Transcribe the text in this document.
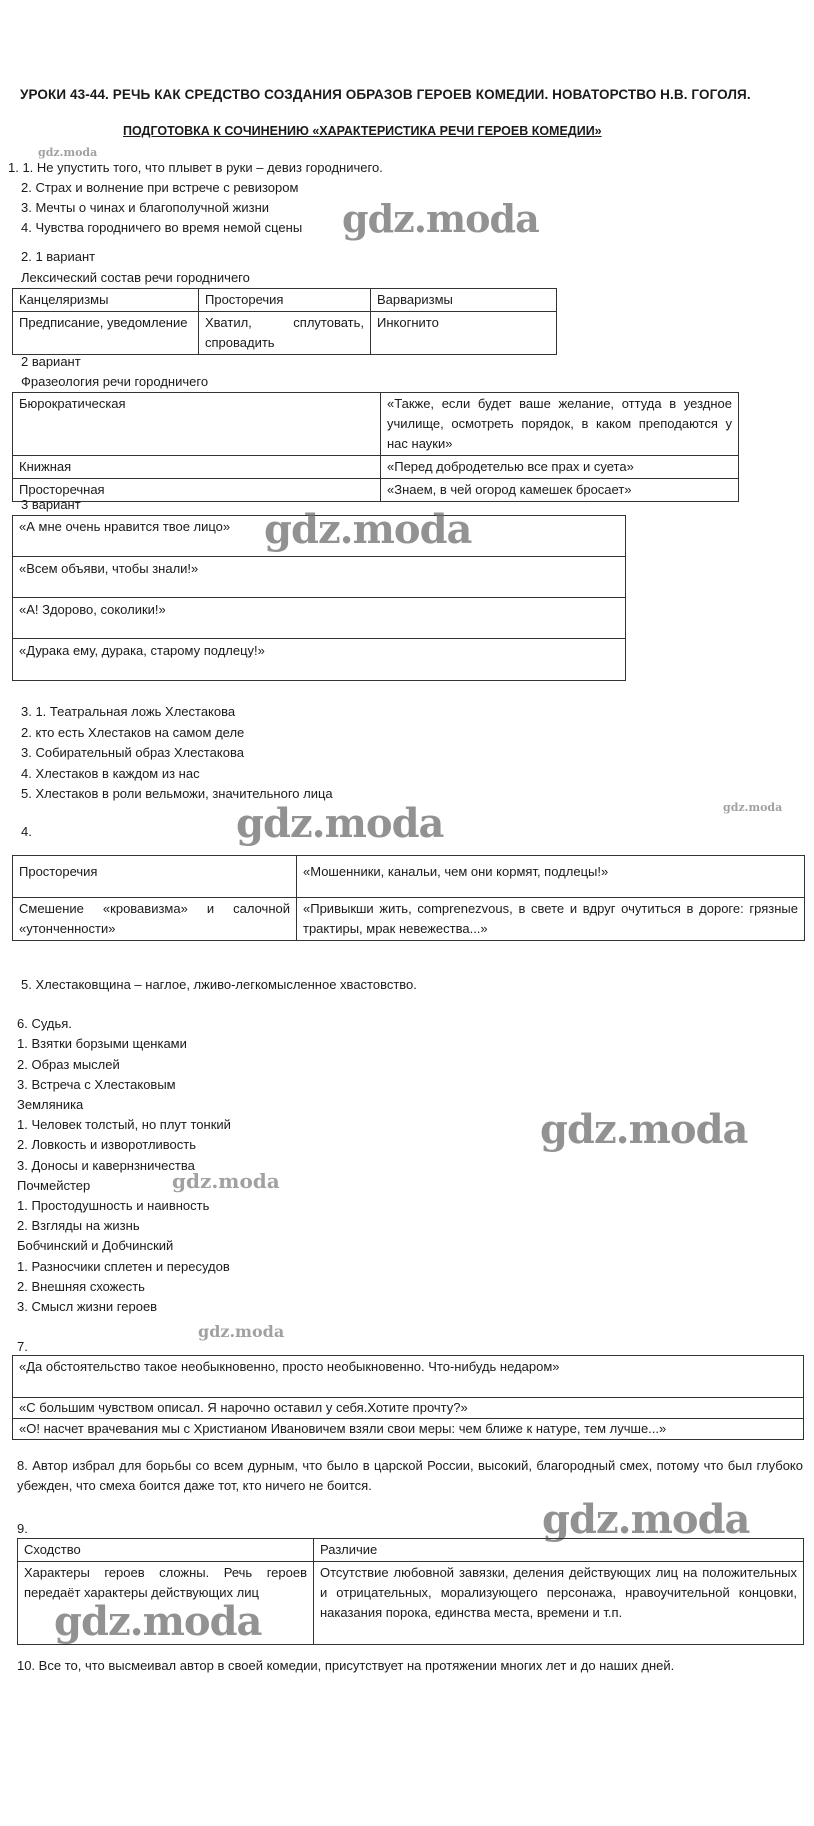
УРОКИ 43-44. РЕЧЬ КАК СРЕДСТВО СОЗДАНИЯ ОБРАЗОВ ГЕРОЕВ КОМЕДИИ. НОВАТОРСТВО Н.В. ГОГОЛЯ.
ПОДГОТОВКА К СОЧИНЕНИЮ «ХАРАКТЕРИСТИКА РЕЧИ ГЕРОЕВ КОМЕДИИ»
gdz.moda
1. 1. Не упустить того, что плывет в руки – девиз городничего.
2. Страх и волнение при встрече с ревизором
3. Мечты о чинах и благополучной жизни
4. Чувства городничего во время немой сцены gdz.moda
2. 1 вариант
Лексический состав речи городничего
Канцеляризмы	Просторечия	Варваризмы
Предписание, уведомление	Хватил, сплутовать, спровадить	Инкогнито
2 вариант
Фразеология речи городничего
Бюрократическая	«Также, если будет ваше желание, оттуда в уездное училище, осмотреть порядок, в каком преподаются у нас науки»
Книжная	«Перед добродетелью все прах и суета»
Просторечная	«Знаем, в чей огород камешек бросает»
3 вариант
«А мне очень нравится твое лицо»
«Всем объяви, чтобы знали!»
«А! Здорово, соколики!»
«Дурака ему, дурака, старому подлецу!»
gdz.moda
3. 1. Театральная ложь Хлестакова
2. кто есть Хлестаков на самом деле
3. Собирательный образ Хлестакова
4. Хлестаков в каждом из нас
5. Хлестаков в роли вельможи, значительного лица
gdz.moda
4.	gdz.moda
Просторечия	«Мошенники, канальи, чем они кормят, подлецы!»
Смешение «кровавизма» и салочной «утонченности»	«Привыкши жить, comprenezvous, в свете и вдруг очутиться в дороге: грязные трактиры, мрак невежества...»
5. Хлестаковщина – наглое, лживо-легкомысленное хвастовство.
6. Судья.
1. Взятки борзыми щенками
2. Образ мыслей
3. Встреча с Хлестаковым
Земляника
1. Человек толстый, но плут тонкий
2. Ловкость и изворотливость
3. Доносы и кавернзничества
Почмейстер
1. Простодушность и наивность
2. Взгляды на жизнь
Бобчинский и Добчинский
1. Разносчики сплетен и пересудов
2. Внешняя схожесть
3. Смысл жизни героев
gdz.moda
gdz.moda
gdz.moda
7.
«Да обстоятельство такое необыкновенно, просто необыкновенно. Что-нибудь недаром»
«С большим чувством описал. Я нарочно оставил у себя.Хотите прочту?»
«О! насчет врачевания мы с Христианом Ивановичем взяли свои меры: чем ближе к натуре, тем лучше...»
8. Автор избрал для борьбы со всем дурным, что было в царской России, высокий, благородный смех, потому что был глубоко убежден, что смеха боится даже тот, кто ничего не боится.
9.	gdz.moda
Сходство	Различие
Характеры героев сложны. Речь героев передаёт характеры действующих лиц	Отсутствие любовной завязки, деления действующих лиц на положительных и отрицательных, морализующего персонажа, нравоучительной концовки, наказания порока, единства места, времени и т.п.
gdz.moda
10. Все то, что высмеивал автор в своей комедии, присутствует на протяжении многих лет и до наших дней.
